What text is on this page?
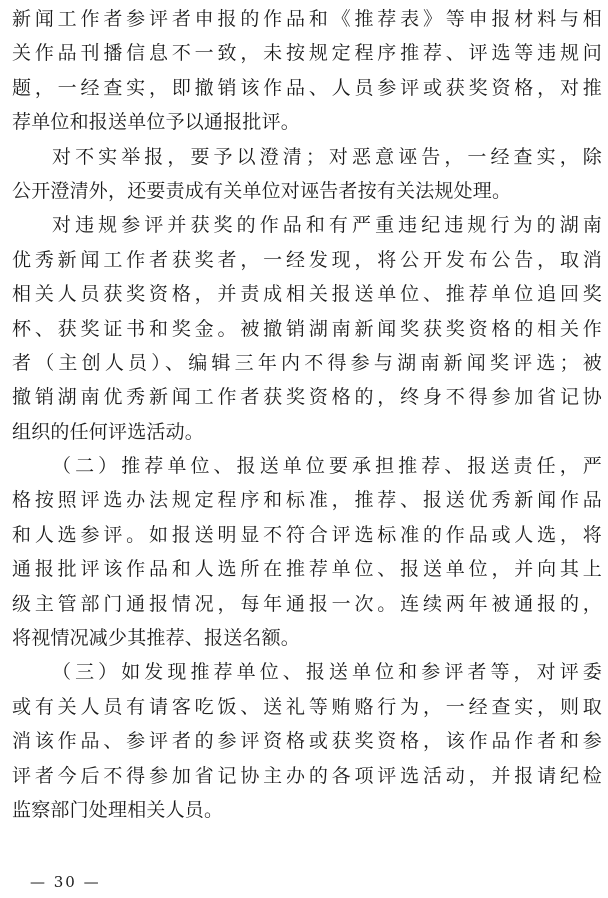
新闻工作者参评者申报的作品和《推荐表》等申报材料与相
关作品刊播信息不一致，未按规定程序推荐、评选等违规问
题，一经查实，即撤销该作品、人员参评或获奖资格，对推
荐单位和报送单位予以通报批评。
对不实举报，要予以澄清；对恶意诬告，一经查实，除
公开澄清外，还要责成有关单位对诬告者按有关法规处理。
对违规参评并获奖的作品和有严重违纪违规行为的湖南
优秀新闻工作者获奖者，一经发现，将公开发布公告，取消
相关人员获奖资格，并责成相关报送单位、推荐单位追回奖
杯、获奖证书和奖金。被撤销湖南新闻奖获奖资格的相关作
者（主创人员）、编辑三年内不得参与湖南新闻奖评选；被
撤销湖南优秀新闻工作者获奖资格的，终身不得参加省记协
组织的任何评选活动。
（二）推荐单位、报送单位要承担推荐、报送责任，严
格按照评选办法规定程序和标准，推荐、报送优秀新闻作品
和人选参评。如报送明显不符合评选标准的作品或人选，将
通报批评该作品和人选所在推荐单位、报送单位，并向其上
级主管部门通报情况，每年通报一次。连续两年被通报的，
将视情况减少其推荐、报送名额。
（三）如发现推荐单位、报送单位和参评者等，对评委
或有关人员有请客吃饭、送礼等贿赂行为，一经查实，则取
消该作品、参评者的参评资格或获奖资格，该作品作者和参
评者今后不得参加省记协主办的各项评选活动，并报请纪检
监察部门处理相关人员。
— 30 —
